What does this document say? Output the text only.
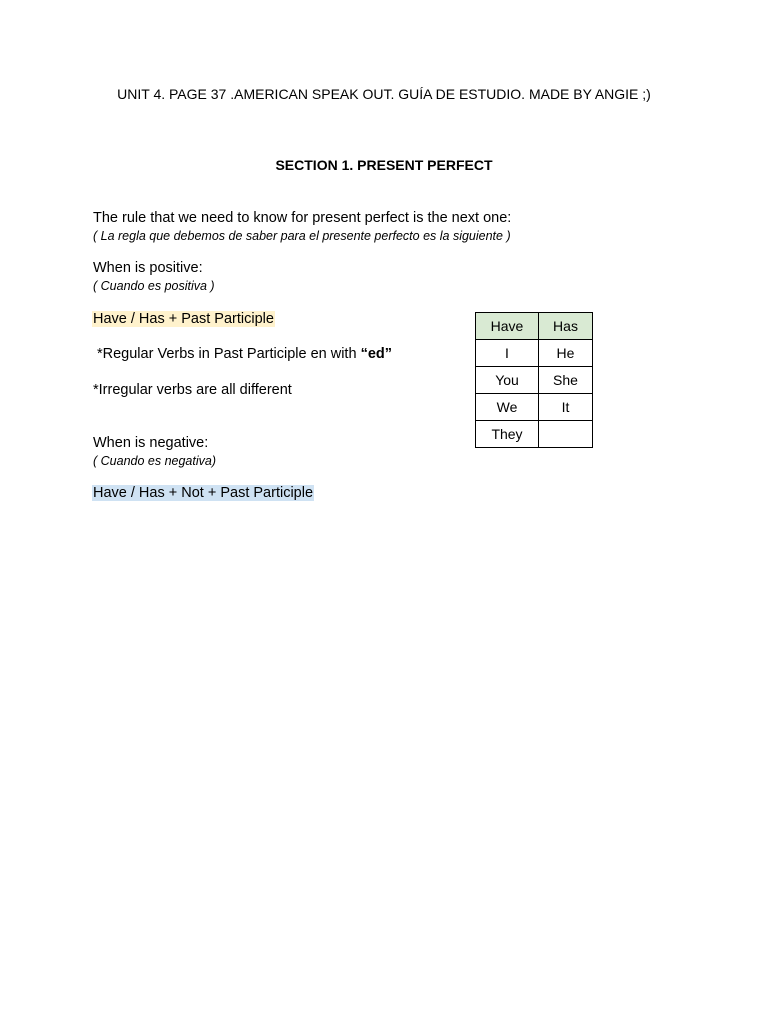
UNIT 4. PAGE 37 .AMERICAN SPEAK OUT. GUÍA DE ESTUDIO. MADE BY ANGIE ;)
SECTION 1. PRESENT PERFECT
The rule that we need to know for present perfect is the next one:
( La regla que debemos de saber para el presente perfecto es la siguiente )
When is positive:
( Cuando es positiva )
Have / Has + Past Participle
*Regular Verbs in Past Participle en with “ed”
*Irregular verbs are all different
When is negative:
( Cuando es negativa)
Have / Has + Not + Past Participle
Have	Has
I	He
You	She
We	It
They	
